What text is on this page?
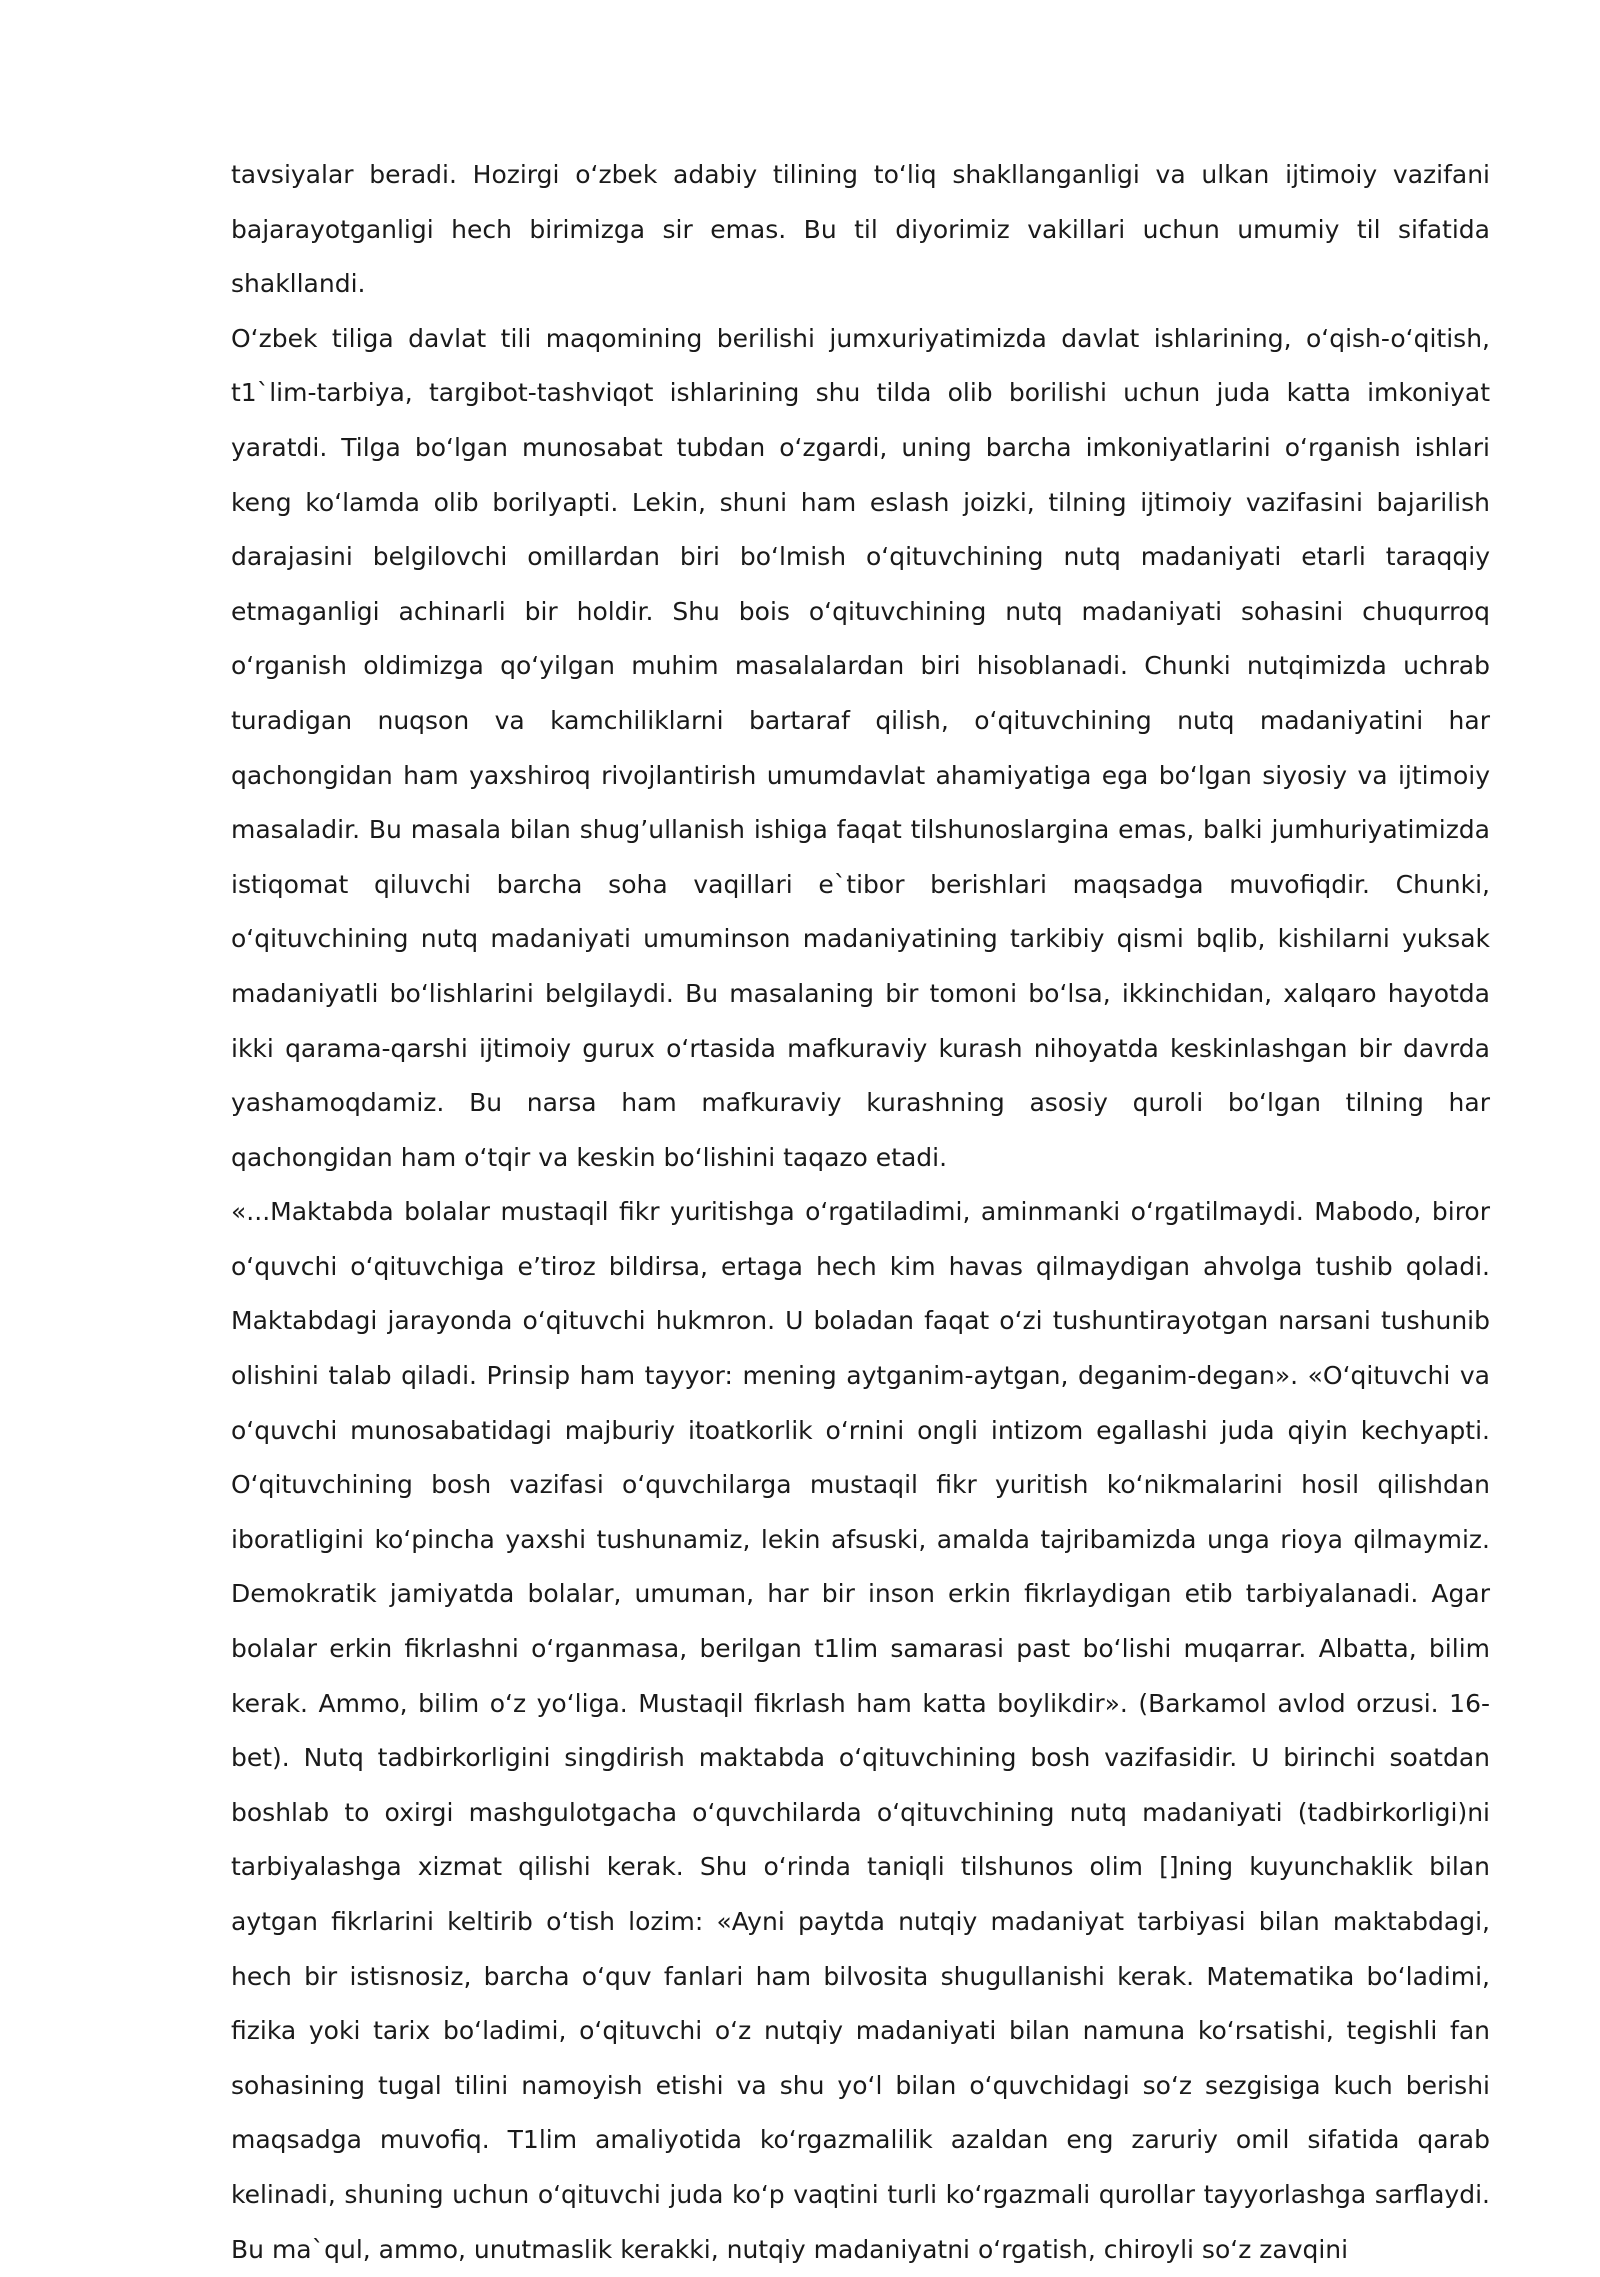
tavsiyalar beradi. Hozirgi oʻzbek adabiy tilining toʻliq shakllanganligi va ulkan ijtimoiy vazifani bajarayotganligi hech birimizga sir emas. Bu til diyorimiz vakillari uchun umumiy til sifatida shakllandi.

Oʻzbek tiliga davlat tili maqomining berilishi jumxuriyatimizda davlat ishlarining, oʻqish-oʻqitish, t1`lim-tarbiya, targibot-tashviqot ishlarining shu tilda olib borilishi uchun juda katta imkoniyat yaratdi. Tilga boʻlgan munosabat tubdan oʻzgardi, uning barcha imkoniyatlarini oʻrganish ishlari keng koʻlamda olib borilyapti. Lekin, shuni ham eslash joizki, tilning ijtimoiy vazifasini bajarilish darajasini belgilovchi omillardan biri boʻlmish oʻqituvchining nutq madaniyati etarli taraqqiy etmaganligi achinarli bir holdir. Shu bois oʻqituvchining nutq madaniyati sohasini chuqurroq oʻrganish oldimizga qoʻyilgan muhim masalalardan biri hisoblanadi. Chunki nutqimizda uchrab turadigan nuqson va kamchiliklarni bartaraf qilish, oʻqituvchining nutq madaniyatini har qachongidan ham yaxshiroq rivojlantirish umumdavlat ahamiyatiga ega boʻlgan siyosiy va ijtimoiy masaladir. Bu masala bilan shug’ullanish ishiga faqat tilshunoslargina emas, balki jumhuriyatimizda istiqomat qiluvchi barcha soha vaqillari e`tibor berishlari maqsadga muvofiqdir. Chunki, oʻqituvchining nutq madaniyati umuminson madaniyatining tarkibiy qismi bqlib, kishilarni yuksak madaniyatli boʻlishlarini belgilaydi. Bu masalaning bir tomoni boʻlsa, ikkinchidan, xalqaro hayotda ikki qarama-qarshi ijtimoiy gurux oʻrtasida mafkuraviy kurash nihoyatda keskinlashgan bir davrda yashamoqdamiz. Bu narsa ham mafkuraviy kurashning asosiy quroli boʻlgan tilning har qachongidan ham oʻtqir va keskin boʻlishini taqazo etadi.

«...Maktabda bolalar mustaqil fikr yuritishga oʻrgatiladimi, aminmanki oʻrgatilmaydi. Mabodo, biror oʻquvchi oʻqituvchiga e’tiroz bildirsa, ertaga hech kim havas qilmaydigan ahvolga tushib qoladi. Maktabdagi jarayonda oʻqituvchi hukmron. U boladan faqat oʻzi tushuntirayotgan narsani tushunib olishini talab qiladi. Prinsip ham tayyor: mening aytganim-aytgan, deganim-degan». «Oʻqituvchi va oʻquvchi munosabatidagi majburiy itoatkorlik oʻrnini ongli intizom egallashi juda qiyin kechyapti. Oʻqituvchining bosh vazifasi oʻquvchilarga mustaqil fikr yuritish koʻnikmalarini hosil qilishdan iboratligini koʻpincha yaxshi tushunamiz, lekin afsuski, amalda tajribamizda unga rioya qilmaymiz. Demokratik jamiyatda bolalar, umuman, har bir inson erkin fikrlaydigan etib tarbiyalanadi. Agar bolalar erkin fikrlashni oʻrganmasa, berilgan t1lim samarasi past boʻlishi muqarrar. Albatta, bilim kerak. Ammo, bilim oʻz yoʻliga. Mustaqil fikrlash ham katta boylikdir». (Barkamol avlod orzusi. 16-bet). Nutq tadbirkorligini singdirish maktabda oʻqituvchining bosh vazifasidir. U birinchi soatdan boshlab to oxirgi mashgulotgacha oʻquvchilarda oʻqituvchining nutq madaniyati (tadbirkorligi)ni tarbiyalashga xizmat qilishi kerak. Shu oʻrinda taniqli tilshunos olim []ning kuyunchaklik bilan aytgan fikrlarini keltirib oʻtish lozim: «Ayni paytda nutqiy madaniyat tarbiyasi bilan maktabdagi, hech bir istisnosiz, barcha oʻquv fanlari ham bilvosita shugullanishi kerak. Matematika boʻladimi, fizika yoki tarix boʻladimi, oʻqituvchi oʻz nutqiy madaniyati bilan namuna koʻrsatishi, tegishli fan sohasining tugal tilini namoyish etishi va shu yoʻl bilan oʻquvchidagi soʻz sezgisiga kuch berishi maqsadga muvofiq. T1lim amaliyotida koʻrgazmalilik azaldan eng zaruriy omil sifatida qarab kelinadi, shuning uchun oʻqituvchi juda koʻp vaqtini turli koʻrgazmali qurollar tayyorlashga sarflaydi. Bu ma`qul, ammo, unutmaslik kerakki, nutqiy madaniyatni oʻrgatish, chiroyli soʻz zavqini
